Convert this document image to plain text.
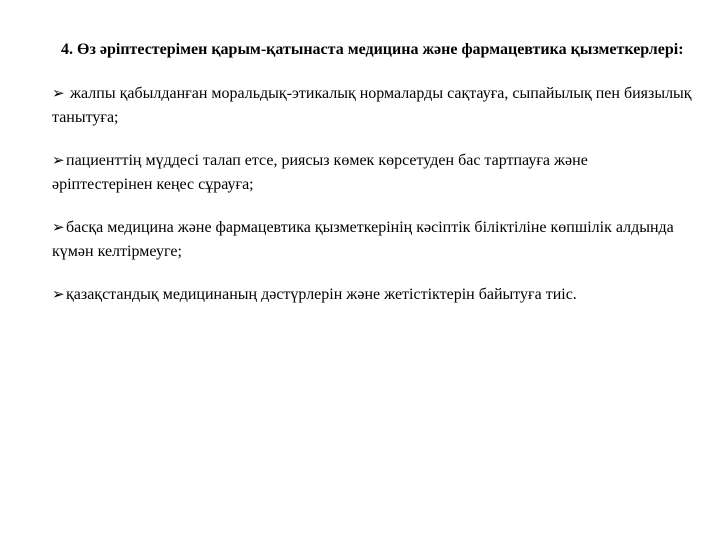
4. Өз әріптестерімен қарым-қатынаста медицина және фармацевтика қызметкерлері:

➢ жалпы қабылданған моральдық-этикалық нормаларды сақтауға, сыпайылық пен биязылық танытуға;

➢пациенттің мүддесі талап етсе, риясыз көмек көрсетуден бас тартпауға және әріптестерінен кеңес сұрауға;

➢басқа медицина және фармацевтика қызметкерінің кәсіптік біліктіліне көпшілік алдында күмән келтірмеуге;

➢қазақстандық медицинаның дәстүрлерін және жетістіктерін байытуға тиіс.
